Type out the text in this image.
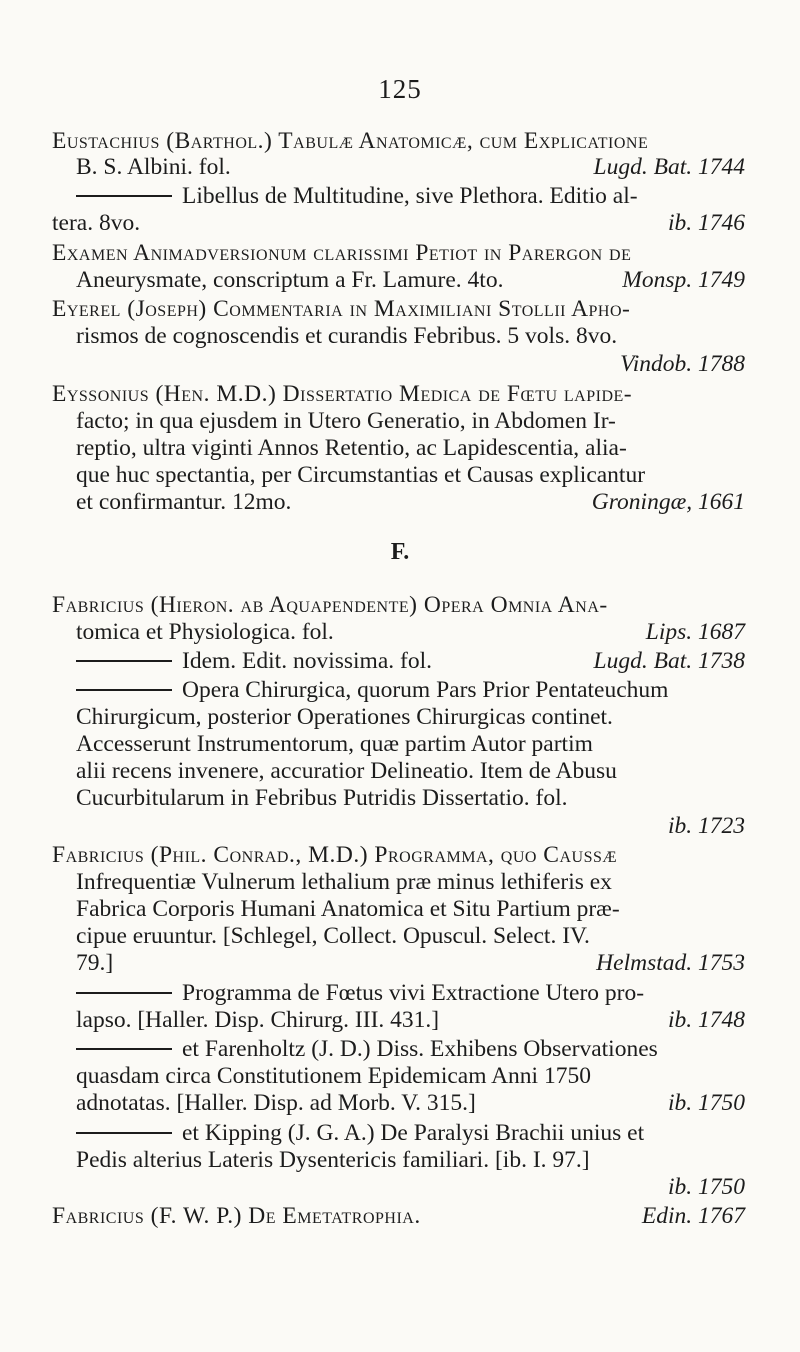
125
Eustachius (Barthol.) Tabulæ Anatomicæ, cum Explicatione
B. S. Albini. fol.	Lugd. Bat. 1744
Libellus de Multitudine, sive Plethora. Editio al-
tera. 8vo.	ib. 1746
Examen Animadversionum clarissimi Petiot in Parergon de
Aneurysmate, conscriptum a Fr. Lamure. 4to.	Monsp. 1749
Eyerel (Joseph) Commentaria in Maximiliani Stollii Apho-
rismos de cognoscendis et curandis Febribus. 5 vols. 8vo.
Vindob. 1788
Eyssonius (Hen. M.D.) Dissertatio Medica de Fœtu lapide-
facto; in qua ejusdem in Utero Generatio, in Abdomen Ir-
reptio, ultra viginti Annos Retentio, ac Lapidescentia, alia-
que huc spectantia, per Circumstantias et Causas explicantur
et confirmantur. 12mo.	Groningæ, 1661
F.
Fabricius (Hieron. ab Aquapendente) Opera Omnia Ana-
tomica et Physiologica. fol.	Lips. 1687
Idem. Edit. novissima. fol.	Lugd. Bat. 1738
Opera Chirurgica, quorum Pars Prior Pentateuchum
Chirurgicum, posterior Operationes Chirurgicas continet.
Accesserunt Instrumentorum, quæ partim Autor partim
alii recens invenere, accuratior Delineatio. Item de Abusu
Cucurbitularum in Febribus Putridis Dissertatio. fol.
ib. 1723
Fabricius (Phil. Conrad., M.D.) Programma, quo Caussæ
Infrequentiæ Vulnerum lethalium præ minus lethiferis ex
Fabrica Corporis Humani Anatomica et Situ Partium præ-
cipue eruuntur. [Schlegel, Collect. Opuscul. Select. IV.
79.]	Helmstad. 1753
Programma de Fœtus vivi Extractione Utero pro-
lapso. [Haller. Disp. Chirurg. III. 431.]	ib. 1748
et Farenholtz (J. D.) Diss. Exhibens Observationes
quasdam circa Constitutionem Epidemicam Anni 1750
adnotatas. [Haller. Disp. ad Morb. V. 315.]	ib. 1750
et Kipping (J. G. A.) De Paralysi Brachii unius et
Pedis alterius Lateris Dysentericis familiari. [ib. I. 97.]
ib. 1750
Fabricius (F. W. P.) De Emetatrophia.	Edin. 1767
